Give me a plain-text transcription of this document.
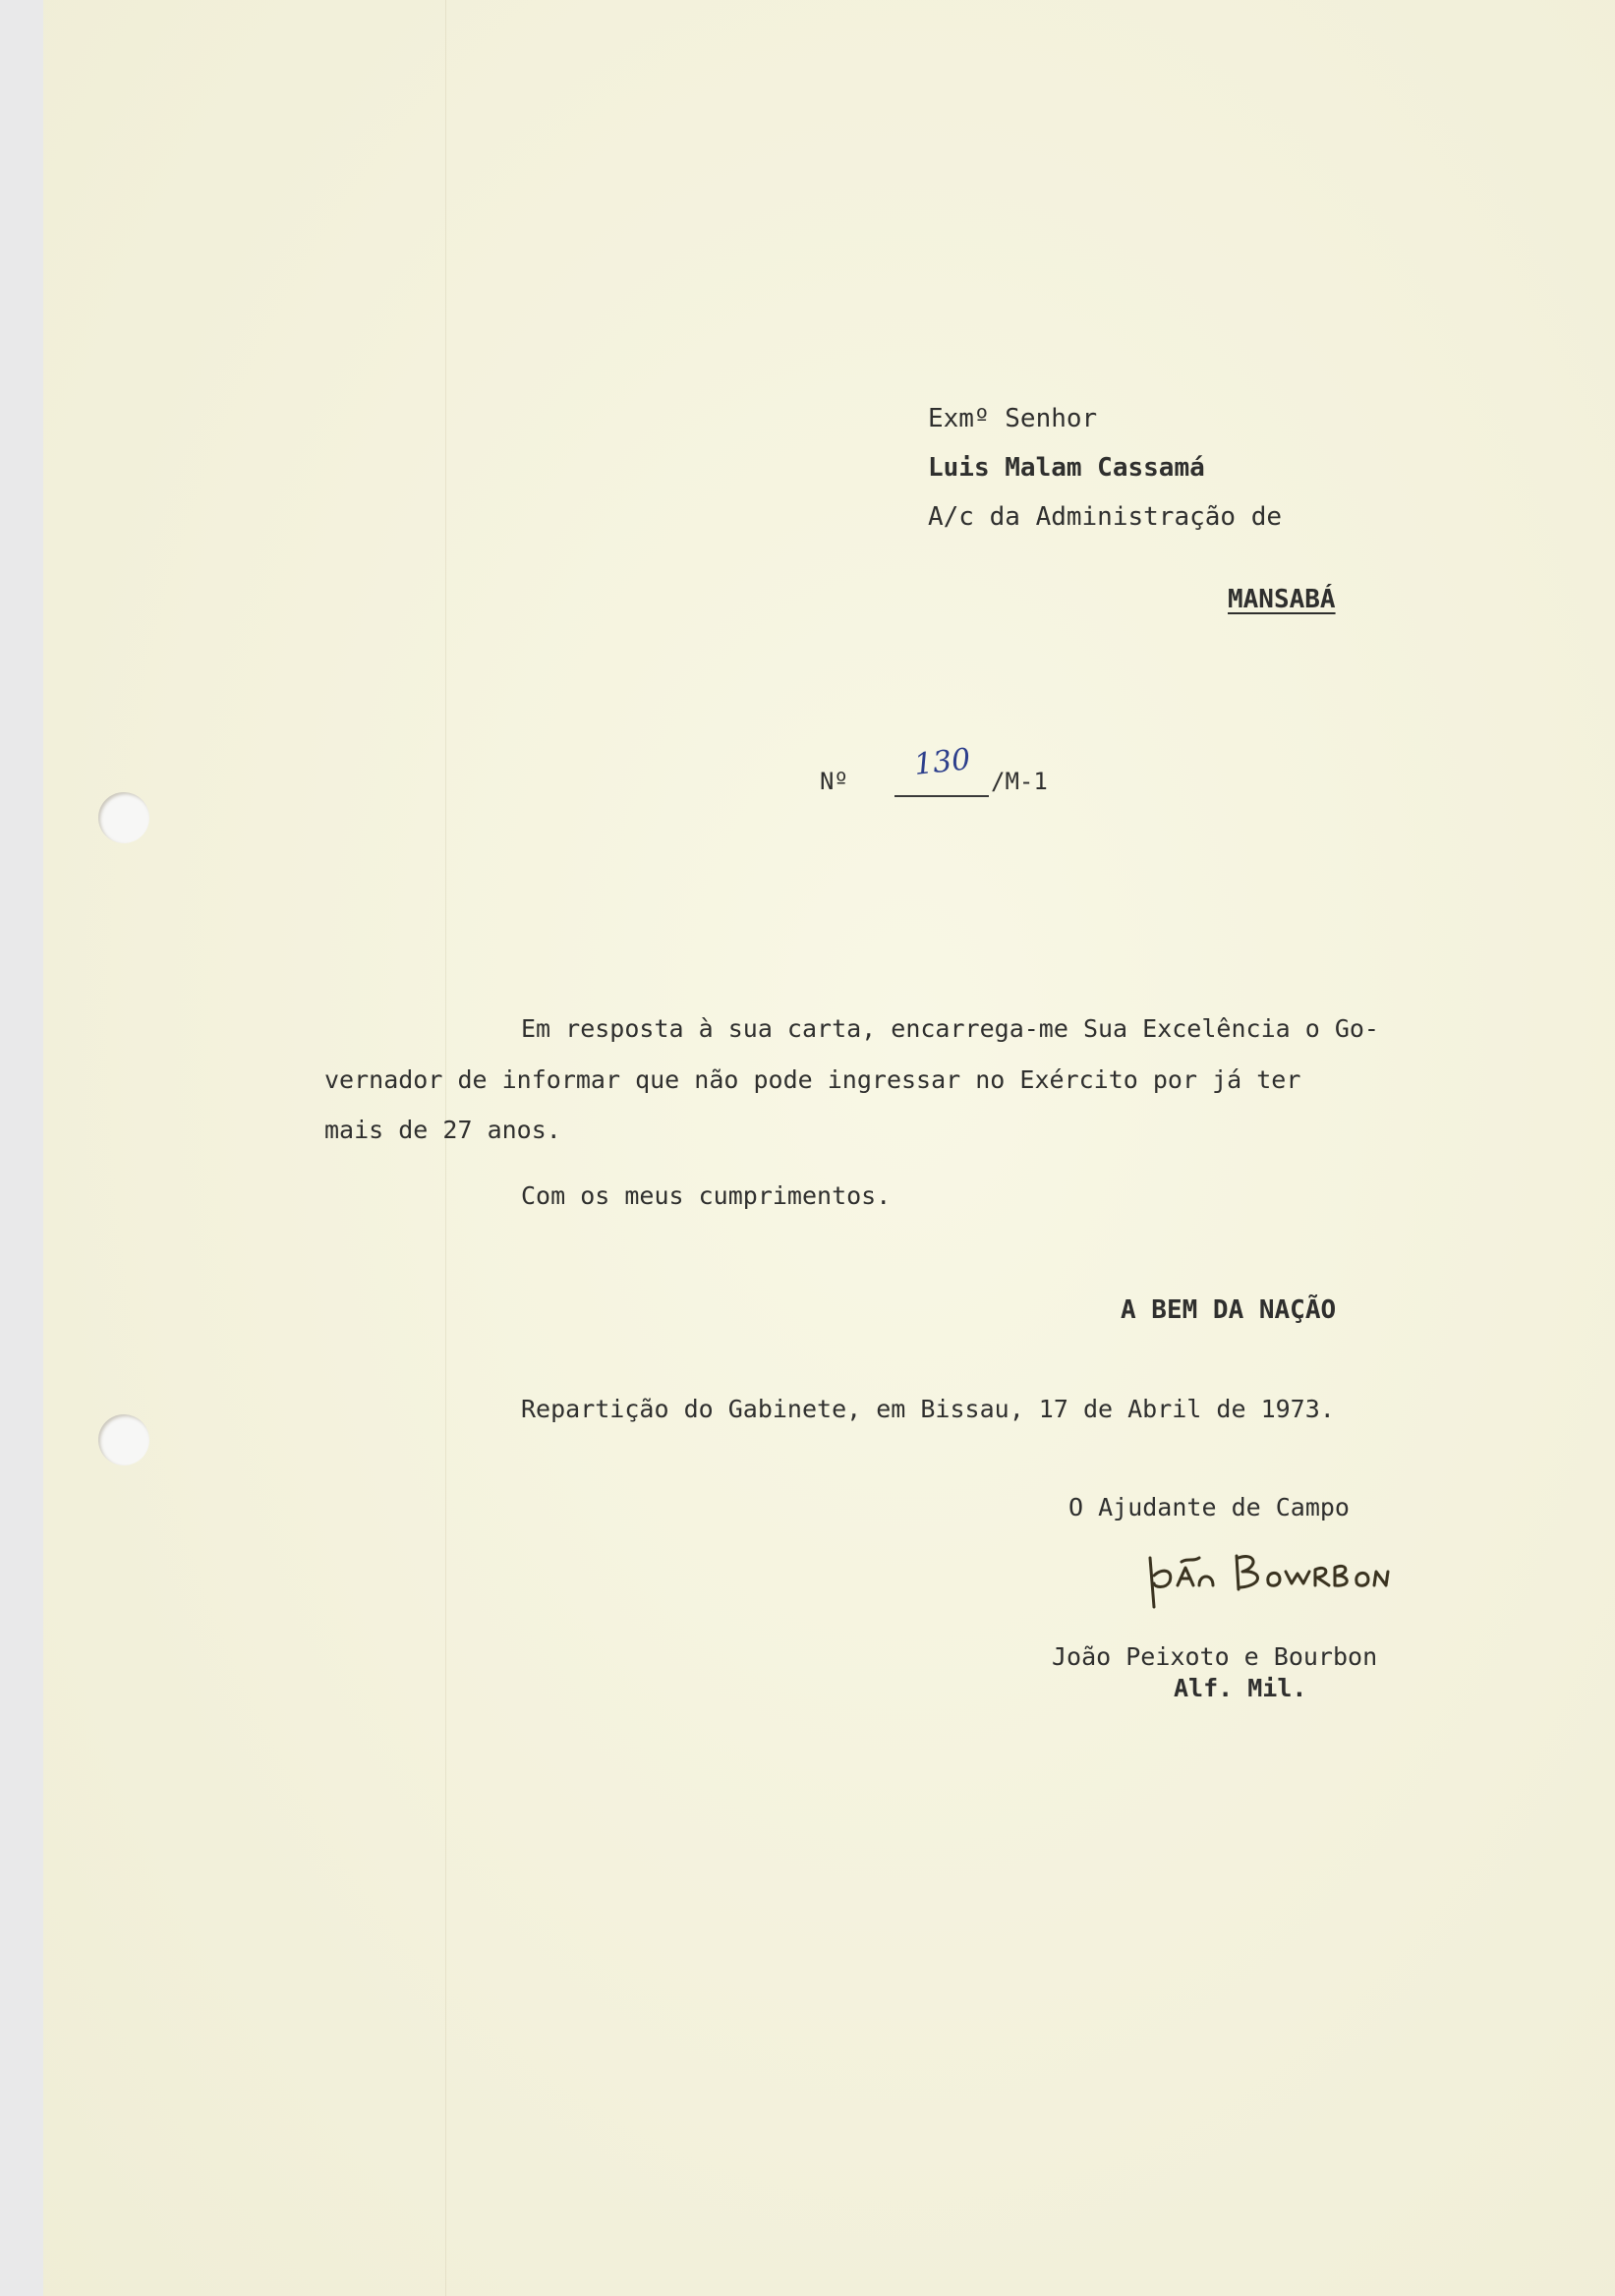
Exmº Senhor
Luis Malam Cassamá
A/c da Administração de
MANSABÁ
Nº 130 /M-1
Em resposta à sua carta, encarrega-me Sua Excelência o Go-
vernador de informar que não pode ingressar no Exército por já ter
mais de 27 anos.
Com os meus cumprimentos.
A BEM DA NAÇÃO
Repartição do Gabinete, em Bissau, 17 de Abril de 1973.
O Ajudante de Campo
João Peixoto e Bourbon
Alf. Mil.
